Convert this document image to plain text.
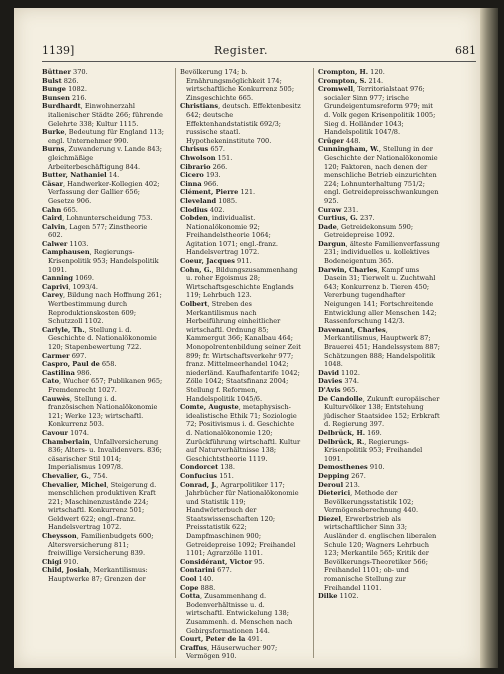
1139]	Register.	681

Büttner 370.

Bulst 826.

Bunge 1082.

Bunsen 216.

Burdhardt, Einwohnerzahl italienischer Städte 266; führende Gelehrte 338; Kultur 1115.

Burke, Bedeutung für England 113; engl. Unternehmer 990.

Burns, Zuwanderung v. Lande 843; gleichmäßige Arbeiterbeschäftigung 844.

Butter, Nathaniel 14.

Cäsar, Handwerker-Kollegien 402; Verfassung der Gallier 656; Gesetze 906.

Cahn 665.

Caird, Lohnunterscheidung 753.

Calvin, Lagen 577; Zinstheorie 602.

Calwer 1103.

Camphausen, Regierungs-Krisenpolitik 953; Handelspolitik 1091.

Canning 1069.

Caprivi, 1093/4.

Carey, Bildung nach Hoffnung 261; Wertbestimmung durch Reproduktionskosten 609; Schutzzoll 1102.

Carlyle, Th., Stellung i. d. Geschichte d. Nationalökonomie 120; Stapenbewertung 722.

Carmer 697.

Caspro, Paul de 658.

Castilina 986.

Cato, Wucher 657; Publikanen 965; Fremdenrecht 1027.

Cauwès, Stellung i. d. französischen Nationalökonomie 121; Werke 123; wirtschaftl. Konkurrenz 503.

Cavour 1074.

Chamberlain, Unfallversicherung 836; Alters- u. Invalidenvers. 836; cäsarischer Stil 1014; Imperialismus 1097/8.

Chevalier, G., 754.

Chevalier, Michel, Steigerung d. menschlichen produktiven Kraft 221; Maschinenzustände 224; wirtschaftl. Konkurrenz 501; Geldwert 622; engl.-franz. Handelsvertrag 1072.

Cheysson, Familienbudgets 600; Altersversicherung 811; freiwillige Versicherung 839.

Chigi 910.

Child, Josiah, Merkantilismus: Hauptwerke 87; Grenzen der

Bevölkerung 174; b. Ernährungsmöglichkeit 174; wirtschaftliche Konkurrenz 505; Zinsgeschichte 665.

Christians, deutsch. Effektenbesitz 642; deutsche Effektenhandstatistik 692/3; russische staatl. Hypothekeninstitute 700.

Chrisus 657.

Chwolson 151.

Cibrario 266.

Cicero 193.

Cinna 966.

Clément, Pierre 121.

Cleveland 1085.

Clodius 402.

Cobden, individualist. Nationalökonomie 92; Freihandelstheorie 1064; Agitation 1071; engl.-franz. Handelsvertrag 1072.

Coeur, Jacques 911.

Cohn, G., Bildungszusammenhang u. roher Egoismus 28; Wirtschaftsgeschichte Englands 119; Lehrbuch 123.

Colbert, Streben des Merkantilismus nach Herbeiführung einheitlicher wirtschaftl. Ordnung 85; Kammergut 366; Kanalbau 464; Monopolrentenbildung seiner Zeit 899; fr. Wirtschaftsverkehr 977; franz. Mittelmeerhandel 1042; niederländ. Kaufhafentarife 1042; Zölle 1042; Staatsfinanz 2004; Stellung f. Reformen, Handelspolitik 1045/6.

Comte, Auguste, metaphysisch-idealistische Ethik 71; Soziologie 72; Positivismus i. d. Geschichte d. Nationalökonomie 120; Zurückführung wirtschaftl. Kultur auf Naturverhältnisse 138; Geschichtstheorie 1119.

Condorcet 138.

Confucius 151.

Conrad, J., Agrarpolitiker 117; Jahrbücher für Nationalökonomie und Statistik 119; Handwörterbuch der Staatswissenschaften 120; Preisstatistik 622; Dampfmaschinen 900; Getreidepreise 1092; Freihandel 1101; Agrarzölle 1101.

Considérant, Victor 95.

Contarini 677.

Cool 140.

Cope 888.

Cotta, Zusammenhang d. Bodenverhältnisse u. d. wirtschaftl. Entwickelung 138; Zusammenh. d. Menschen nach Gebirgsformationen 144.

Court, Peter de la 491.

Craffus, Häuserwucher 907; Vermögen 910.

Crompton, H. 120.

Crompton, S. 214.

Cromwell, Territorialstaat 976; socialer Sinn 977; irische Grundeigentumsreform 979; mit d. Volk gegen Krisenpolitik 1005; Sieg d. Holländer 1043; Handelspolitik 1047/8.

Crüger 448.

Cunningham, W., Stellung in der Geschichte der Nationalökonomie 120; Faktoren, nach denen der menschliche Betrieb einzurichten 224; Lohnunterhaltung 751/2; engl. Getreidepreisschwankungen 925.

Curaw 231.

Curtius, G. 237.

Dade, Getreidekonsum 590; Getreidepreise 1092.

Dargun, älteste Familienverfassung 231; individuelles u. kollektives Bodeneigentum 365.

Darwin, Charles, Kampf ums Dasein 31; Tierwelt u. Zuchtwahl 643; Konkurrenz b. Tieren 450; Vererbung tugendhafter Neigungen 141; Fortschreitende Entwicklung aller Menschen 142; Rassenforschung 142/3.

Davenant, Charles, Merkantilismus, Hauptwerk 87; Brauerei 451; Handelssystem 887; Schätzungen 888; Handelspolitik 1048.

David 1102.

Davies 374.

D'Avis 965.

De Candolle, Zukunft europäischer Kulturvölker 138; Entstehung jüdischer Staatsidee 152; Erbkraft d. Regierung 397.

Delbrück, H. 169.

Delbrück, R., Regierungs-Krisenpolitik 953; Freihandel 1091.

Demosthenes 910.

Depping 267.

Deroul 213.

Dieterici, Methode der Bevölkerungsstatistik 102; Vermögensberechnung 440.

Diezel, Erwerbstrieb als wirtschaftlicher Sinn 33; Ausländer d. englischen liberalen Schule 120; Wagners Lehrbuch 123; Merkantile 565; Kritik der Bevölkerungs-Theoretiker 566; Freihandel 1101; ob- und romanische Stellung zur Freihandel 1101.

Dilke 1102.
